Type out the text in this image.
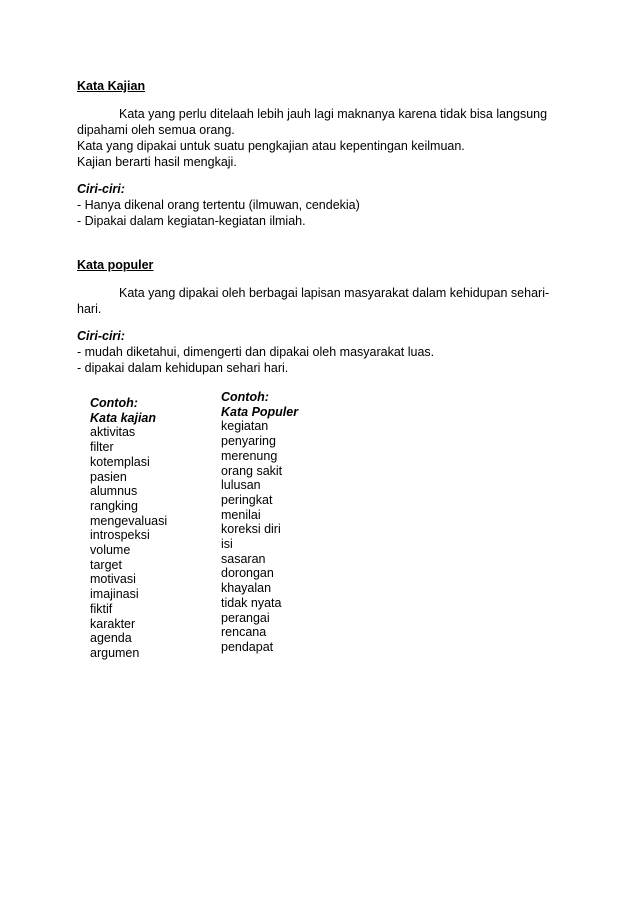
Kata Kajian
Kata yang perlu ditelaah lebih jauh lagi maknanya karena tidak bisa langsung dipahami oleh semua orang.
Kata yang dipakai untuk suatu pengkajian atau kepentingan keilmuan.
Kajian berarti hasil mengkaji.
Ciri-ciri:
- Hanya dikenal orang tertentu (ilmuwan, cendekia)
- Dipakai dalam kegiatan-kegiatan ilmiah.
Kata populer
Kata yang dipakai oleh berbagai lapisan masyarakat dalam kehidupan sehari-hari.
Ciri-ciri:
- mudah diketahui, dimengerti dan dipakai oleh masyarakat luas.
- dipakai dalam kehidupan sehari hari.
Contoh:
Kata kajian
aktivitas
filter
kotemplasi
pasien
alumnus
rangking
mengevaluasi
introspeksi
volume
target
motivasi
imajinasi
fiktif
karakter
agenda
argumen
Contoh:
Kata Populer
kegiatan
penyaring
merenung
orang sakit
lulusan
peringkat
menilai
koreksi diri
isi
sasaran
dorongan
khayalan
tidak nyata
perangai
rencana
pendapat
